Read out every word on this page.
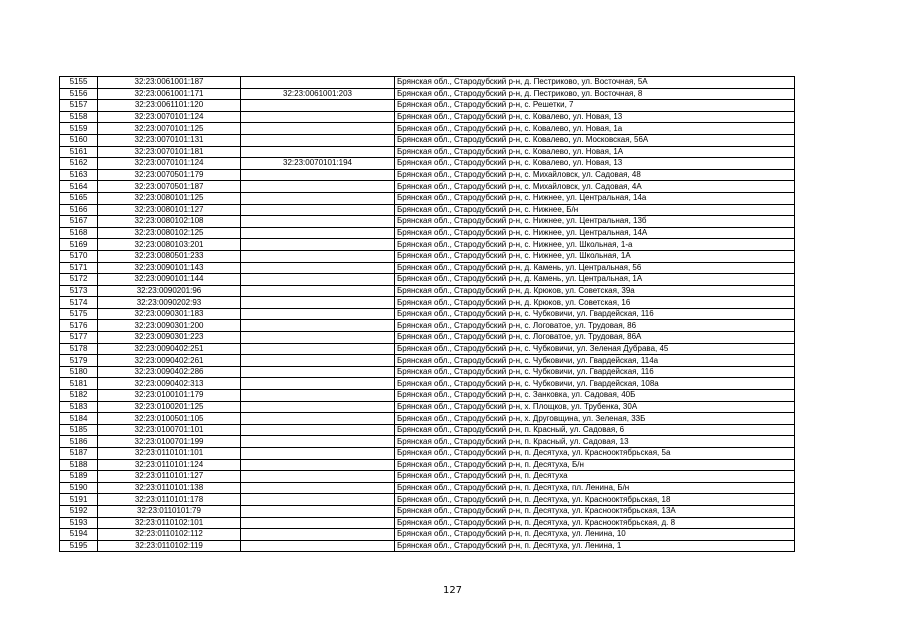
5155	32:23:0061001:187		Брянская обл., Стародубский р-н, д. Пестриково, ул. Восточная, 5А
5156	32:23:0061001:171	32:23:0061001:203	Брянская обл., Стародубский р-н, д. Пестриково, ул. Восточная, 8
5157	32:23:0061101:120		Брянская обл., Стародубский р-н, с. Решетки, 7
5158	32:23:0070101:124		Брянская обл., Стародубский р-н, с. Ковалево, ул. Новая, 13
5159	32:23:0070101:125		Брянская обл., Стародубский р-н, с. Ковалево, ул. Новая, 1а
5160	32:23:0070101:131		Брянская обл., Стародубский р-н, с. Ковалево, ул. Московская, 56А
5161	32:23:0070101:181		Брянская обл., Стародубский р-н, с. Ковалево, ул. Новая, 1А
5162	32:23:0070101:124	32:23:0070101:194	Брянская обл., Стародубский р-н, с. Ковалево, ул. Новая, 13
5163	32:23:0070501:179		Брянская обл., Стародубский р-н, с. Михайловск, ул. Садовая, 48
5164	32:23:0070501:187		Брянская обл., Стародубский р-н, с. Михайловск, ул. Садовая, 4А
5165	32:23:0080101:125		Брянская обл., Стародубский р-н, с. Нижнее, ул. Центральная, 14а
5166	32:23:0080101:127		Брянская обл., Стародубский р-н, с. Нижнее, Б/н
5167	32:23:0080102:108		Брянская обл., Стародубский р-н, с. Нижнее, ул. Центральная, 13б
5168	32:23:0080102:125		Брянская обл., Стародубский р-н, с. Нижнее, ул. Центральная, 14А
5169	32:23:0080103:201		Брянская обл., Стародубский р-н, с. Нижнее, ул. Школьная, 1-а
5170	32:23:0080501:233		Брянская обл., Стародубский р-н, с. Нижнее, ул. Школьная, 1А
5171	32:23:0090101:143		Брянская обл., Стародубский р-н, д. Камень, ул. Центральная, 56
5172	32:23:0090101:144		Брянская обл., Стародубский р-н, д. Камень, ул. Центральная, 1А
5173	32:23:0090201:96		Брянская обл., Стародубский р-н, д. Крюков, ул. Советская, 39а
5174	32:23:0090202:93		Брянская обл., Стародубский р-н, д. Крюков, ул. Советская, 16
5175	32:23:0090301:183		Брянская обл., Стародубский р-н, с. Чубковичи, ул. Гвардейская, 116
5176	32:23:0090301:200		Брянская обл., Стародубский р-н, с. Логоватое, ул. Трудовая, 86
5177	32:23:0090301:223		Брянская обл., Стародубский р-н, с. Логоватое, ул. Трудовая, 86А
5178	32:23:0090402:251		Брянская обл., Стародубский р-н, с. Чубковичи, ул. Зеленая Дубрава, 45
5179	32:23:0090402:261		Брянская обл., Стародубский р-н, с. Чубковичи, ул. Гвардейская, 114а
5180	32:23:0090402:286		Брянская обл., Стародубский р-н, с. Чубковичи, ул. Гвардейская, 116
5181	32:23:0090402:313		Брянская обл., Стародубский р-н, с. Чубковичи, ул. Гвардейская, 108а
5182	32:23:0100101:179		Брянская обл., Стародубский р-н, с. Занковка, ул. Садовая, 40Б
5183	32:23:0100201:125		Брянская обл., Стародубский р-н, х. Площков, ул. Трубенка, 30А
5184	32:23:0100501:105		Брянская обл., Стародубский р-н, х. Друговщина, ул. Зеленая, 33Б
5185	32:23:0100701:101		Брянская обл., Стародубский р-н, п. Красный, ул. Садовая, 6
5186	32:23:0100701:199		Брянская обл., Стародубский р-н, п. Красный, ул. Садовая, 13
5187	32:23:0110101:101		Брянская обл., Стародубский р-н, п. Десятуха, ул. Краснооктябрьская, 5а
5188	32:23:0110101:124		Брянская обл., Стародубский р-н, п. Десятуха, Б/н
5189	32:23:0110101:127		Брянская обл., Стародубский р-н, п. Десятуха
5190	32:23:0110101:138		Брянская обл., Стародубский р-н, п. Десятуха, пл. Ленина, Б/н
5191	32:23:0110101:178		Брянская обл., Стародубский р-н, п. Десятуха, ул. Краснооктябрьская, 18
5192	32:23:0110101:79		Брянская обл., Стародубский р-н, п. Десятуха, ул. Краснооктябрьская, 13А
5193	32:23:0110102:101		Брянская обл., Стародубский р-н, п. Десятуха, ул. Краснооктябрьская, д. 8
5194	32:23:0110102:112		Брянская обл., Стародубский р-н, п. Десятуха, ул. Ленина, 10
5195	32:23:0110102:119		Брянская обл., Стародубский р-н, п. Десятуха, ул. Ленина, 1
127
